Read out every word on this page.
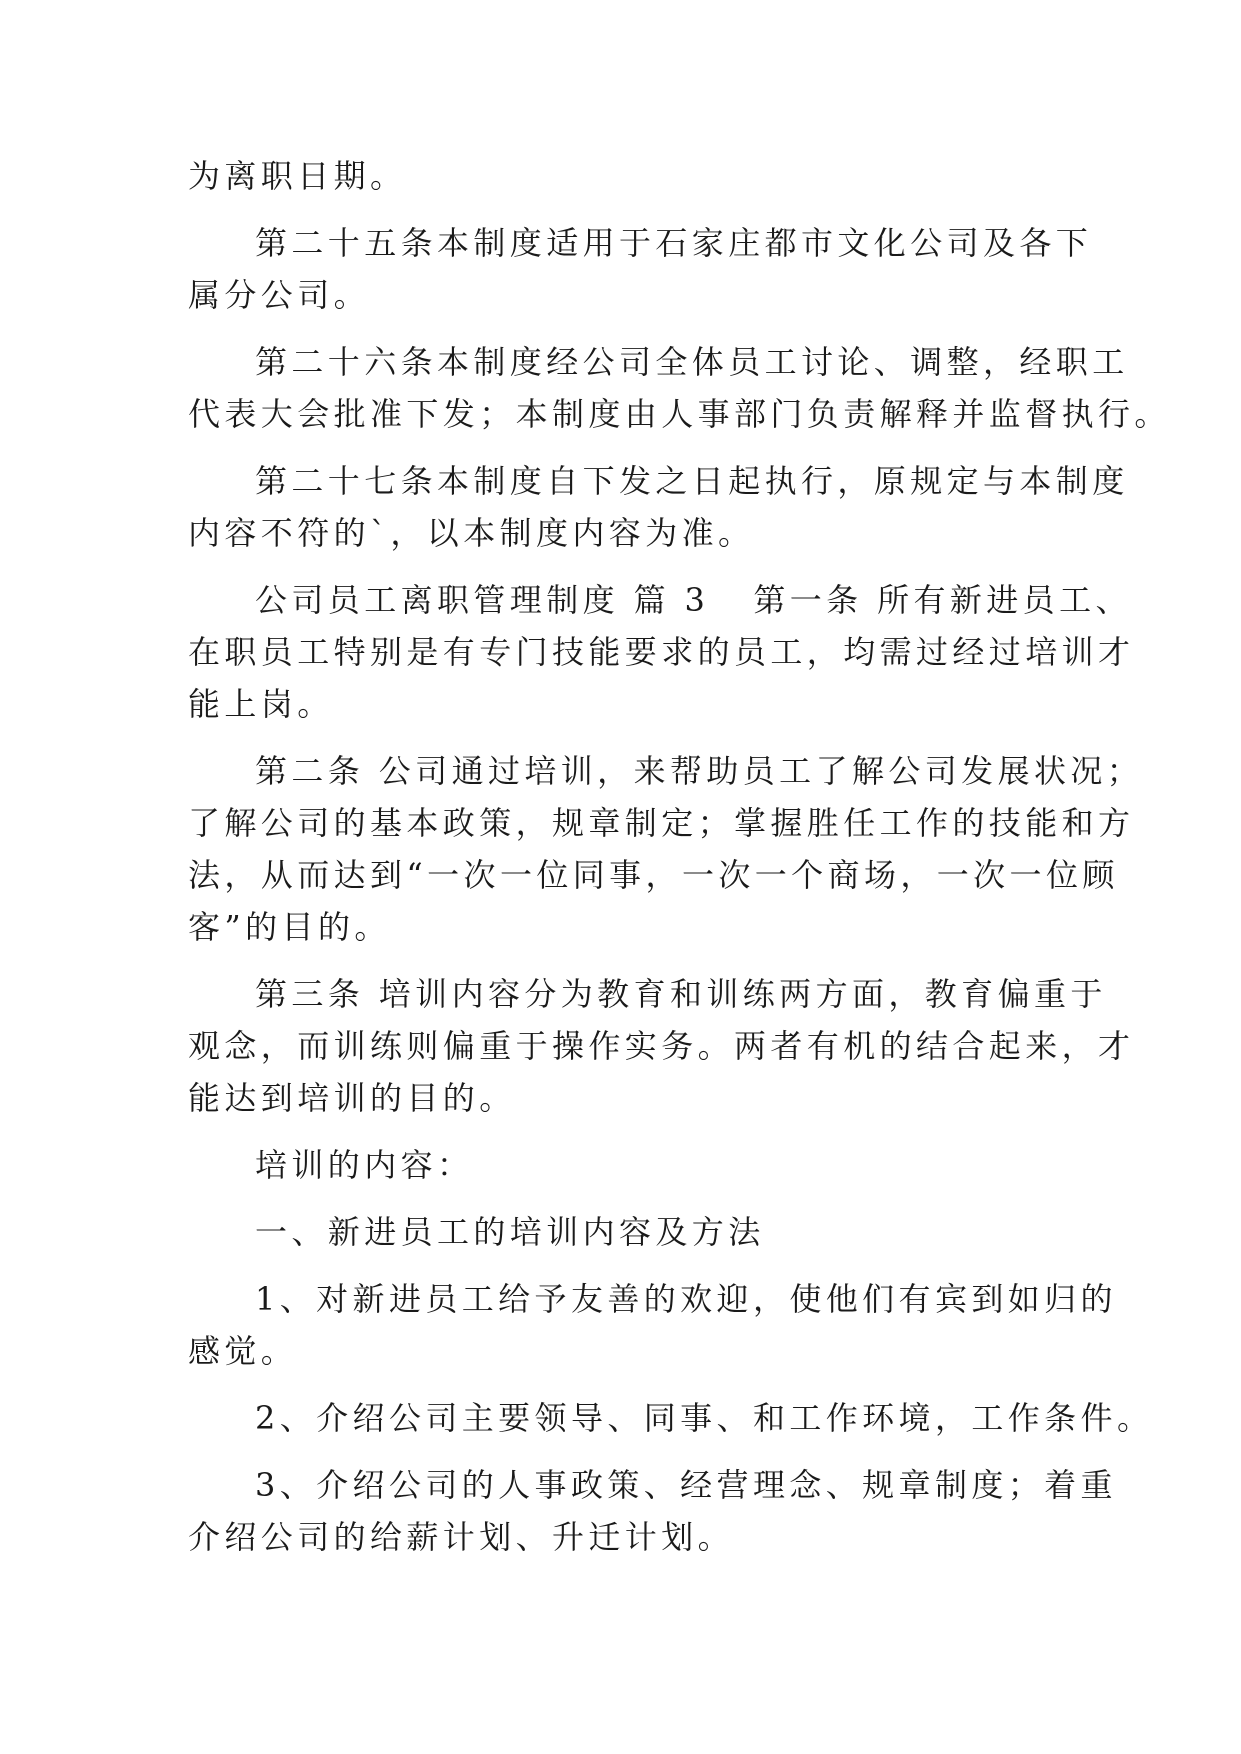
为离职日期。
第二十五条本制度适用于石家庄都市文化公司及各下
属分公司。
第二十六条本制度经公司全体员工讨论、调整，经职工
代表大会批准下发；本制度由人事部门负责解释并监督执行。
第二十七条本制度自下发之日起执行，原规定与本制度
内容不符的`，以本制度内容为准。
公司员工离职管理制度 篇 3 第一条 所有新进员工、
在职员工特别是有专门技能要求的员工，均需过经过培训才
能上岗。
第二条 公司通过培训，来帮助员工了解公司发展状况；
了解公司的基本政策，规章制定；掌握胜任工作的技能和方
法，从而达到“一次一位同事，一次一个商场，一次一位顾
客”的目的。
第三条 培训内容分为教育和训练两方面，教育偏重于
观念，而训练则偏重于操作实务。两者有机的结合起来，才
能达到培训的目的。
培训的内容：
一、新进员工的培训内容及方法
1、对新进员工给予友善的欢迎，使他们有宾到如归的
感觉。
2、介绍公司主要领导、同事、和工作环境，工作条件。
3、介绍公司的人事政策、经营理念、规章制度；着重
介绍公司的给薪计划、升迁计划。
